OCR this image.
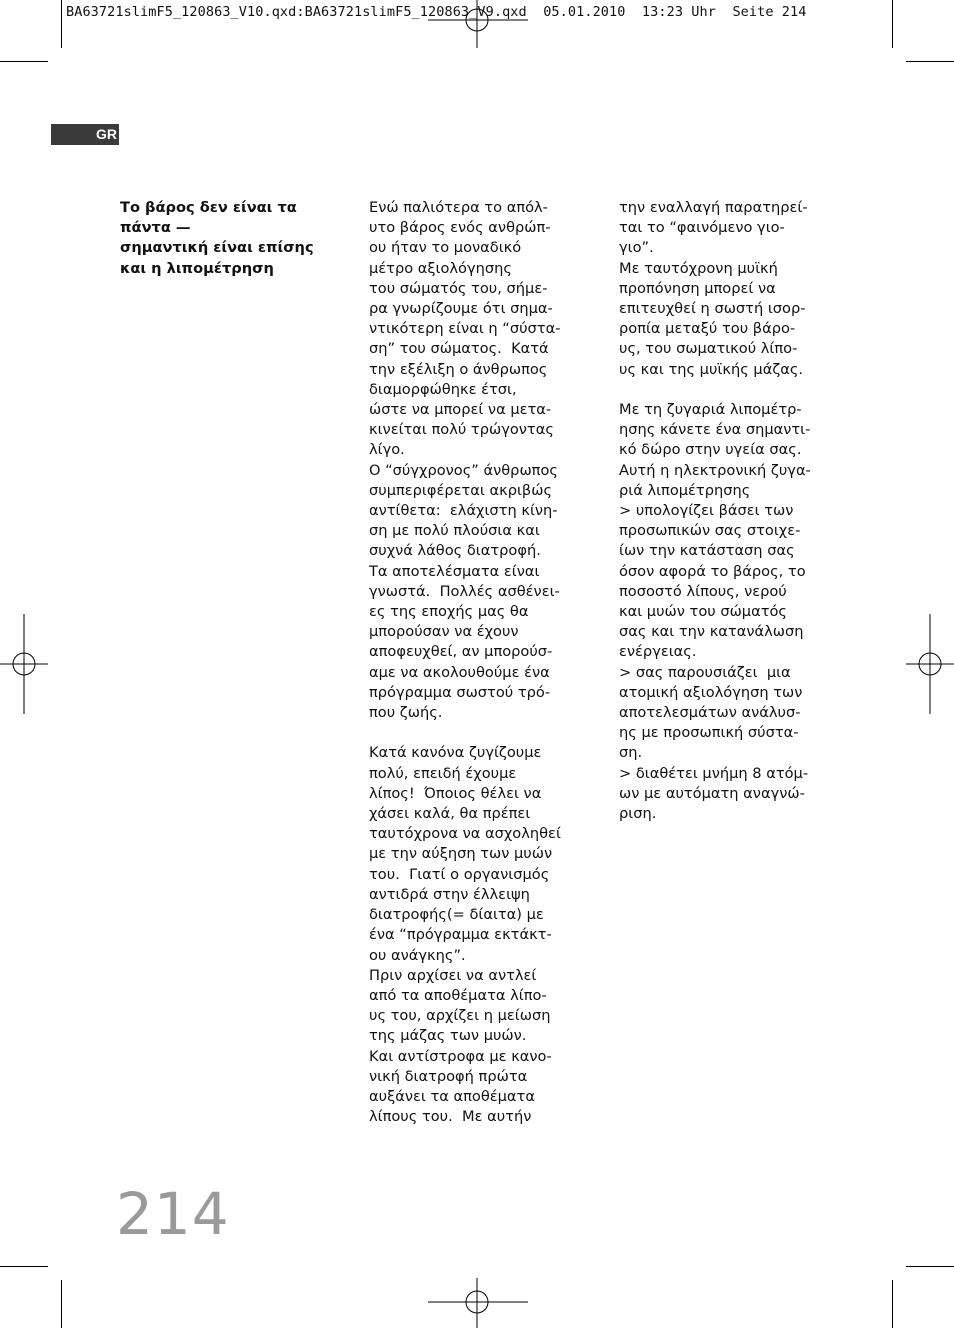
BA63721slimF5_120863_V10.qxd:BA63721slimF5_120863_V9.qxd  05.01.2010  13:23 Uhr  Seite 214
GR
Το βάρος δεν είναι τα
πάντα —
σημαντική είναι επίσης
και η λιπομέτρηση
Ενώ παλιότερα το απόλ-
υτο βάρος ενός ανθρώπ-
ου ήταν το μοναδικό
μέτρο αξιολόγησης
του σώματός του, σήμε-
ρα γνωρίζουμε ότι σημα-
ντικότερη είναι η “σύστα-
ση” του σώματος.  Κατά
την εξέλιξη ο άνθρωπος
διαμορφώθηκε έτσι,
ώστε να μπορεί να μετα-
κινείται πολύ τρώγοντας
λίγο.
Ο “σύγχρονος” άνθρωπος
συμπεριφέρεται ακριβώς
αντίθετα:  ελάχιστη κίνη-
ση με πολύ πλούσια και
συχνά λάθος διατροφή.
Τα αποτελέσματα είναι
γνωστά.  Πολλές ασθένει-
ες της εποχής μας θα
μπορούσαν να έχουν
αποφευχθεί, αν μπορούσ-
αμε να ακολουθούμε ένα
πρόγραμμα σωστού τρό-
που ζωής.
Κατά κανόνα ζυγίζουμε
πολύ, επειδή έχουμε
λίπος!  Όποιος θέλει να
χάσει καλά, θα πρέπει
ταυτόχρονα να ασχοληθεί
με την αύξηση των μυών
του.  Γιατί ο οργανισμός
αντιδρά στην έλλειψη
διατροφής(= δίαιτα) με
ένα “πρόγραμμα εκτάκτ-
ου ανάγκης”.
Πριν αρχίσει να αντλεί
από τα αποθέματα λίπο-
υς του, αρχίζει η μείωση
της μάζας των μυών.
Και αντίστροφα με κανο-
νική διατροφή πρώτα
αυξάνει τα αποθέματα
λίπους του.  Με αυτήν
την εναλλαγή παρατηρεί-
ται το “φαινόμενο γιο-
γιο”.
Με ταυτόχρονη μυϊκή
προπόνηση μπορεί να
επιτευχθεί η σωστή ισορ-
ροπία μεταξύ του βάρο-
υς, του σωματικού λίπο-
υς και της μυϊκής μάζας.
Με τη ζυγαριά λιπομέτρ-
ησης κάνετε ένα σημαντι-
κό δώρο στην υγεία σας.
Αυτή η ηλεκτρονική ζυγα-
ριά λιπομέτρησης
> υπολογίζει βάσει των
προσωπικών σας στοιχε-
ίων την κατάσταση σας
όσον αφορά το βάρος, το
ποσοστό λίπους, νερού
και μυών του σώματός
σας και την κατανάλωση
ενέργειας.
> σας παρουσιάζει  μια
ατομική αξιολόγηση των
αποτελεσμάτων ανάλυσ-
ης με προσωπική σύστα-
ση.
> διαθέτει μνήμη 8 ατόμ-
ων με αυτόματη αναγνώ-
ριση.
214
